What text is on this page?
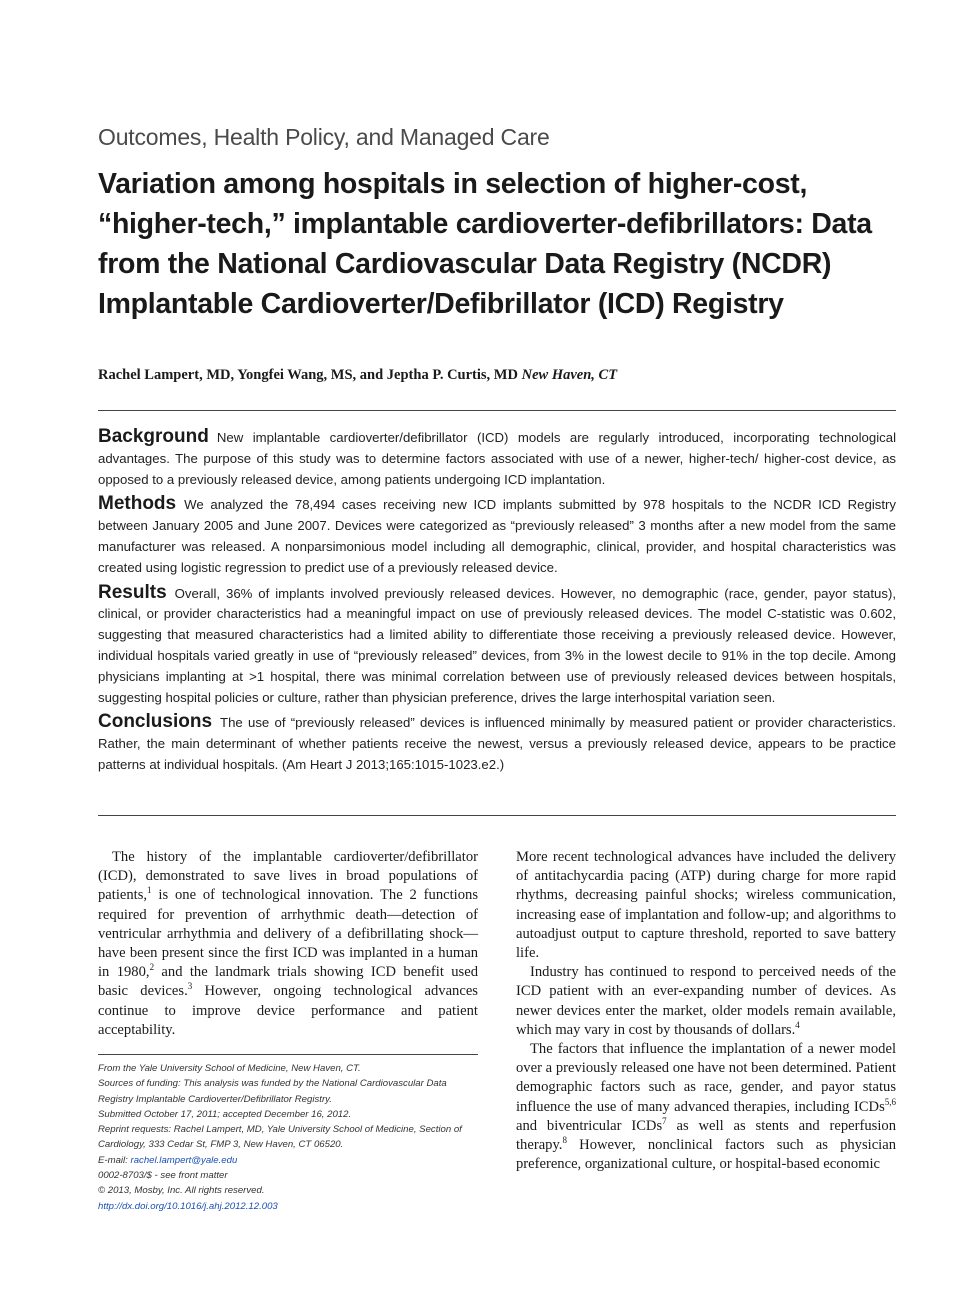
Outcomes, Health Policy, and Managed Care
Variation among hospitals in selection of higher-cost, “higher-tech,” implantable cardioverter-defibrillators: Data from the National Cardiovascular Data Registry (NCDR) Implantable Cardioverter/Defibrillator (ICD) Registry
Rachel Lampert, MD, Yongfei Wang, MS, and Jeptha P. Curtis, MD New Haven, CT

Background New implantable cardioverter/defibrillator (ICD) models are regularly introduced, incorporating technological advantages. The purpose of this study was to determine factors associated with use of a newer, higher-tech/ higher-cost device, as opposed to a previously released device, among patients undergoing ICD implantation.

Methods We analyzed the 78,494 cases receiving new ICD implants submitted by 978 hospitals to the NCDR ICD Registry between January 2005 and June 2007. Devices were categorized as “previously released” 3 months after a new model from the same manufacturer was released. A nonparsimonious model including all demographic, clinical, provider, and hospital characteristics was created using logistic regression to predict use of a previously released device.

Results Overall, 36% of implants involved previously released devices. However, no demographic (race, gender, payor status), clinical, or provider characteristics had a meaningful impact on use of previously released devices. The model C-statistic was 0.602, suggesting that measured characteristics had a limited ability to differentiate those receiving a previously released device. However, individual hospitals varied greatly in use of “previously released” devices, from 3% in the lowest decile to 91% in the top decile. Among physicians implanting at >1 hospital, there was minimal correlation between use of previously released devices between hospitals, suggesting hospital policies or culture, rather than physician preference, drives the large interhospital variation seen.

Conclusions The use of “previously released” devices is influenced minimally by measured patient or provider characteristics. Rather, the main determinant of whether patients receive the newest, versus a previously released device, appears to be practice patterns at individual hospitals. (Am Heart J 2013;165:1015-1023.e2.)

The history of the implantable cardioverter/defibrillator (ICD), demonstrated to save lives in broad populations of patients,$^1$ is one of technological innovation. The 2 functions required for prevention of arrhythmic death—detection of ventricular arrhythmia and delivery of a defibrillating shock—have been present since the first ICD was implanted in a human in 1980,$^2$ and the landmark trials showing ICD benefit used basic devices.$^3$ However, ongoing technological advances continue to improve device performance and patient acceptability.

From the Yale University School of Medicine, New Haven, CT.
Sources of funding: This analysis was funded by the National Cardiovascular Data Registry Implantable Cardioverter/Defibrillator Registry.
Submitted October 17, 2011; accepted December 16, 2012.
Reprint requests: Rachel Lampert, MD, Yale University School of Medicine, Section of Cardiology, 333 Cedar St, FMP 3, New Haven, CT 06520.
E-mail: rachel.lampert@yale.edu
0002-8703/$ - see front matter
© 2013, Mosby, Inc. All rights reserved.
http://dx.doi.org/10.1016/j.ahj.2012.12.003

More recent technological advances have included the delivery of antitachycardia pacing (ATP) during charge for more rapid rhythms, decreasing painful shocks; wireless communication, increasing ease of implantation and follow-up; and algorithms to autoadjust output to capture threshold, reported to save battery life.

Industry has continued to respond to perceived needs of the ICD patient with an ever-expanding number of devices. As newer devices enter the market, older models remain available, which may vary in cost by thousands of dollars.$^4$

The factors that influence the implantation of a newer model over a previously released one have not been determined. Patient demographic factors such as race, gender, and payor status influence the use of many advanced therapies, including ICDs$^{5,6}$ and biventricular ICDs$^7$ as well as stents and reperfusion therapy.$^8$ However, nonclinical factors such as physician preference, organizational culture, or hospital-based economic
